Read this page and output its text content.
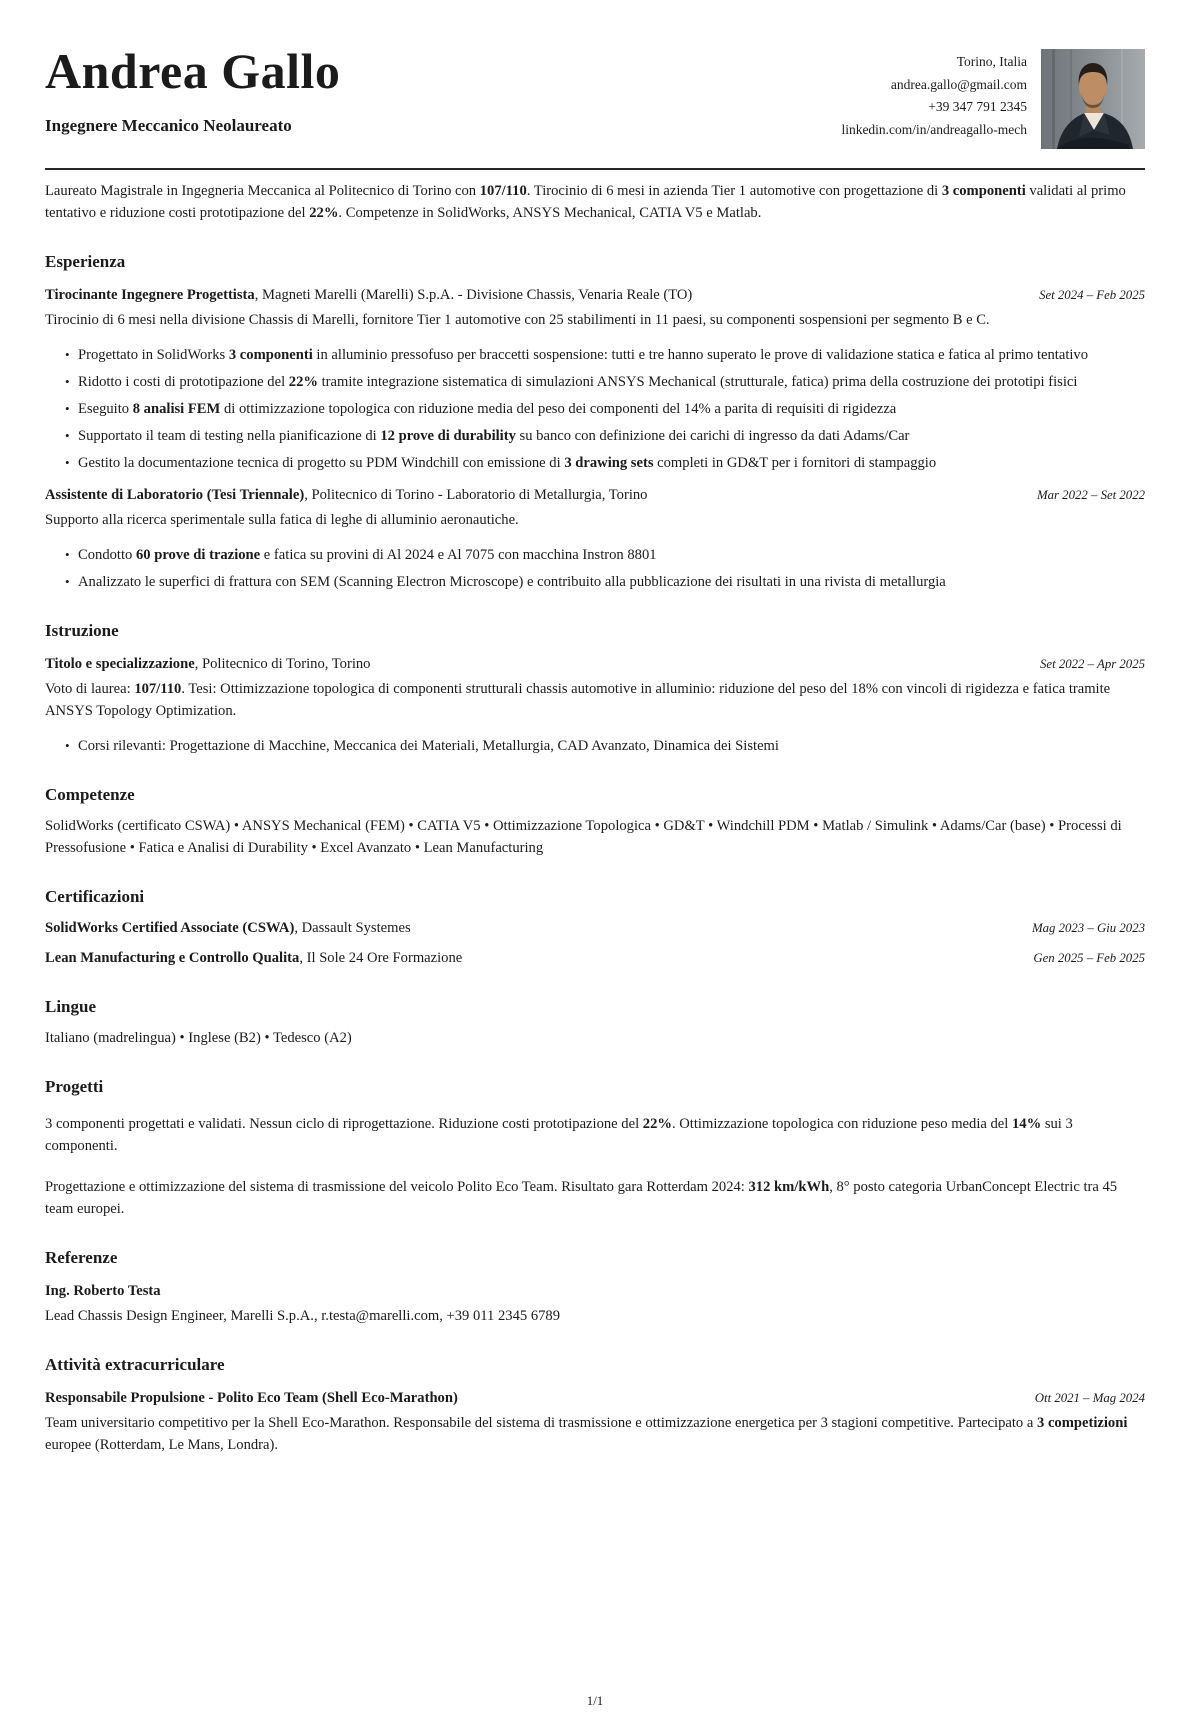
Andrea Gallo
Ingegnere Meccanico Neolaureato
Torino, Italia
andrea.gallo@gmail.com
+39 347 791 2345
linkedin.com/in/andreagallo-mech

Laureato Magistrale in Ingegneria Meccanica al Politecnico di Torino con 107/110. Tirocinio di 6 mesi in azienda Tier 1 automotive con progettazione di 3 componenti validati al primo tentativo e riduzione costi prototipazione del 22%. Competenze in SolidWorks, ANSYS Mechanical, CATIA V5 e Matlab.

Esperienza
Tirocinante Ingegnere Progettista, Magneti Marelli (Marelli) S.p.A. - Divisione Chassis, Venaria Reale (TO)	Set 2024 – Feb 2025

Tirocinio di 6 mesi nella divisione Chassis di Marelli, fornitore Tier 1 automotive con 25 stabilimenti in 11 paesi, su componenti sospensioni per segmento B e C.

• Progettato in SolidWorks 3 componenti in alluminio pressofuso per braccetti sospensione: tutti e tre hanno superato le prove di validazione statica e fatica al primo tentativo
• Ridotto i costi di prototipazione del 22% tramite integrazione sistematica di simulazioni ANSYS Mechanical (strutturale, fatica) prima della costruzione dei prototipi fisici
• Eseguito 8 analisi FEM di ottimizzazione topologica con riduzione media del peso dei componenti del 14% a parita di requisiti di rigidezza
• Supportato il team di testing nella pianificazione di 12 prove di durability su banco con definizione dei carichi di ingresso da dati Adams/Car
• Gestito la documentazione tecnica di progetto su PDM Windchill con emissione di 3 drawing sets completi in GD&T per i fornitori di stampaggio
Assistente di Laboratorio (Tesi Triennale), Politecnico di Torino - Laboratorio di Metallurgia, Torino	Mar 2022 – Set 2022

Supporto alla ricerca sperimentale sulla fatica di leghe di alluminio aeronautiche.

• Condotto 60 prove di trazione e fatica su provini di Al 2024 e Al 7075 con macchina Instron 8801
• Analizzato le superfici di frattura con SEM (Scanning Electron Microscope) e contribuito alla pubblicazione dei risultati in una rivista di metallurgia
Istruzione
Titolo e specializzazione, Politecnico di Torino, Torino	Set 2022 – Apr 2025

Voto di laurea: 107/110. Tesi: Ottimizzazione topologica di componenti strutturali chassis automotive in alluminio: riduzione del peso del 18% con vincoli di rigidezza e fatica tramite ANSYS Topology Optimization.

• Corsi rilevanti: Progettazione di Macchine, Meccanica dei Materiali, Metallurgia, CAD Avanzato, Dinamica dei Sistemi
Competenze

SolidWorks (certificato CSWA) • ANSYS Mechanical (FEM) • CATIA V5 • Ottimizzazione Topologica • GD&T • Windchill PDM • Matlab / Simulink • Adams/Car (base) • Processi di Pressofusione • Fatica e Analisi di Durability • Excel Avanzato • Lean Manufacturing

Certificazioni
SolidWorks Certified Associate (CSWA), Dassault Systemes	Mag 2023 – Giu 2023
Lean Manufacturing e Controllo Qualita, Il Sole 24 Ore Formazione	Gen 2025 – Feb 2025
Lingue

Italiano (madrelingua) • Inglese (B2) • Tedesco (A2)

Progetti

3 componenti progettati e validati. Nessun ciclo di riprogettazione. Riduzione costi prototipazione del 22%. Ottimizzazione topologica con riduzione peso media del 14% sui 3 componenti.

Progettazione e ottimizzazione del sistema di trasmissione del veicolo Polito Eco Team. Risultato gara Rotterdam 2024: 312 km/kWh, 8° posto categoria UrbanConcept Electric tra 45 team europei.

Referenze
Ing. Roberto Testa

Lead Chassis Design Engineer, Marelli S.p.A., r.testa@marelli.com, +39 011 2345 6789

Attività extracurriculare
Responsabile Propulsione - Polito Eco Team (Shell Eco-Marathon)	Ott 2021 – Mag 2024

Team universitario competitivo per la Shell Eco-Marathon. Responsabile del sistema di trasmissione e ottimizzazione energetica per 3 stagioni competitive. Partecipato a 3 competizioni europee (Rotterdam, Le Mans, Londra).

1/1
